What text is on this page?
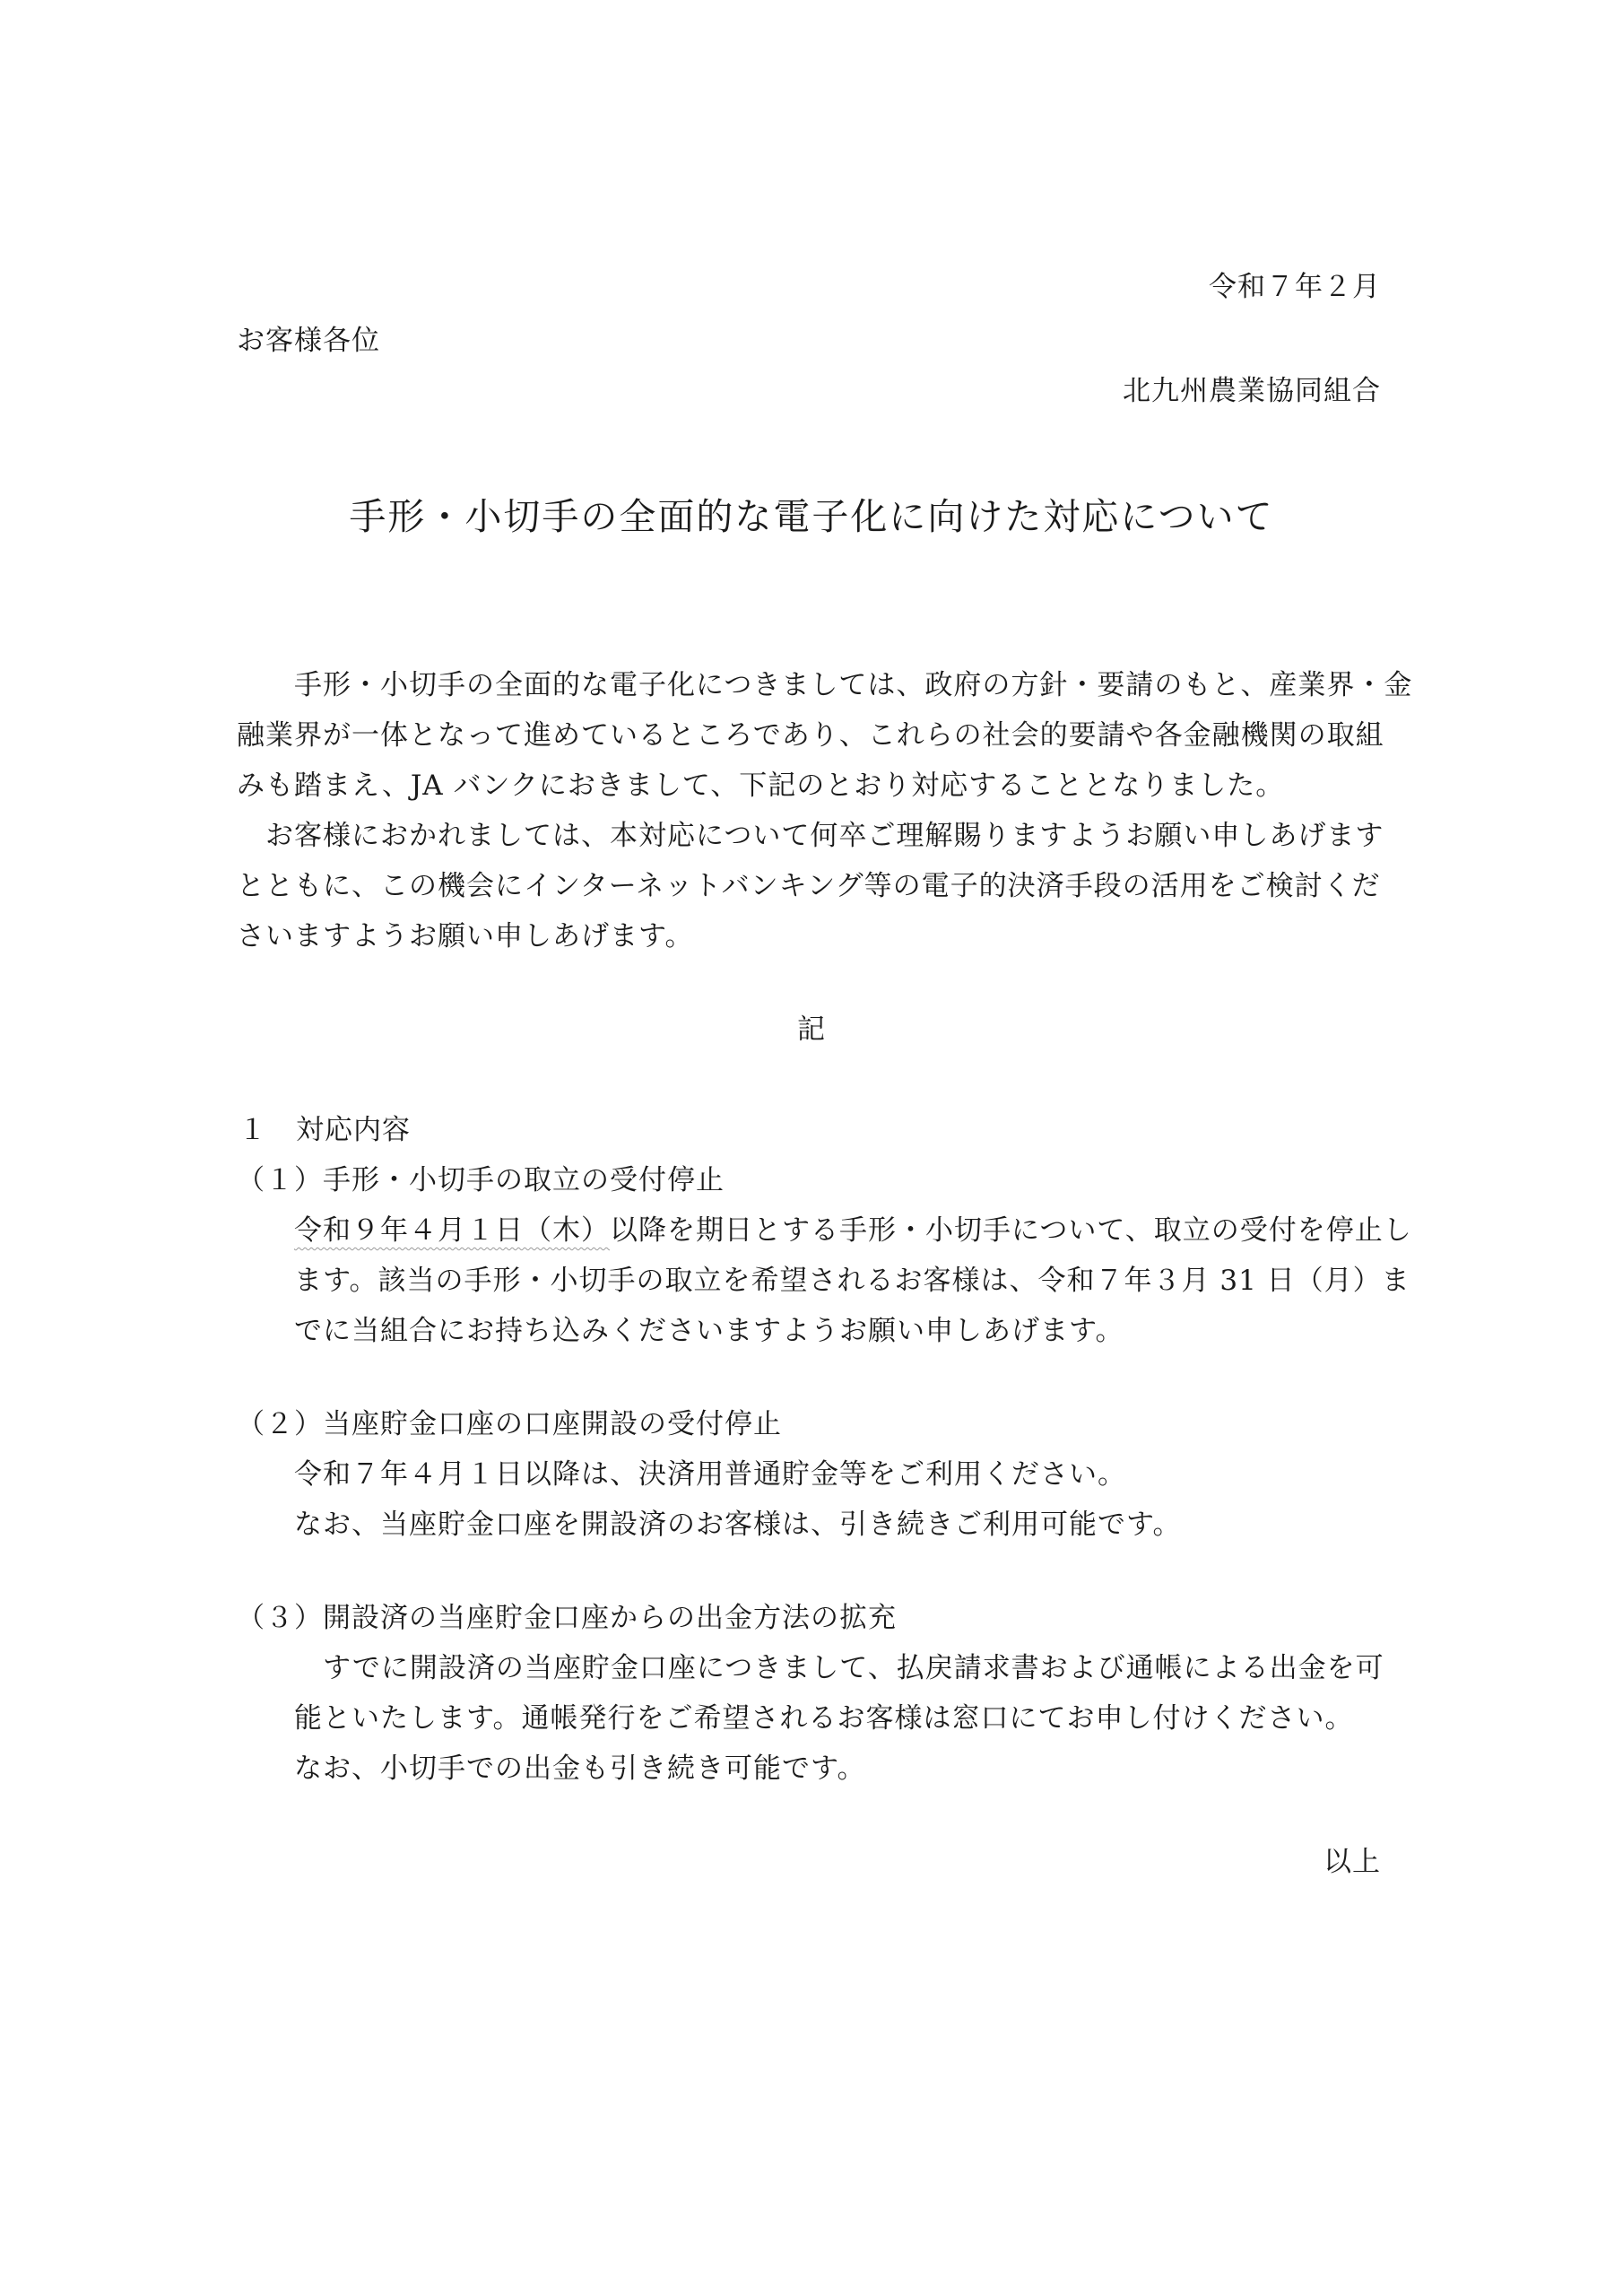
令和７年２月
お客様各位
北九州農業協同組合
手形・小切手の全面的な電子化に向けた対応について
手形・小切手の全面的な電子化につきましては、政府の方針・要請のもと、産業界・金
融業界が一体となって進めているところであり、これらの社会的要請や各金融機関の取組
みも踏まえ、JA バンクにおきまして、下記のとおり対応することとなりました。
お客様におかれましては、本対応について何卒ご理解賜りますようお願い申しあげます
とともに、この機会にインターネットバンキング等の電子的決済手段の活用をご検討くだ
さいますようお願い申しあげます。
記
１　対応内容
（１）手形・小切手の取立の受付停止
令和９年４月１日（木）以降を期日とする手形・小切手について、取立の受付を停止し
ます。該当の手形・小切手の取立を希望されるお客様は、令和７年３月 31 日（月）ま
でに当組合にお持ち込みくださいますようお願い申しあげます。
（２）当座貯金口座の口座開設の受付停止
令和７年４月１日以降は、決済用普通貯金等をご利用ください。
なお、当座貯金口座を開設済のお客様は、引き続きご利用可能です。
（３）開設済の当座貯金口座からの出金方法の拡充
すでに開設済の当座貯金口座につきまして、払戻請求書および通帳による出金を可
能といたします。通帳発行をご希望されるお客様は窓口にてお申し付けください。
なお、小切手での出金も引き続き可能です。
以上
